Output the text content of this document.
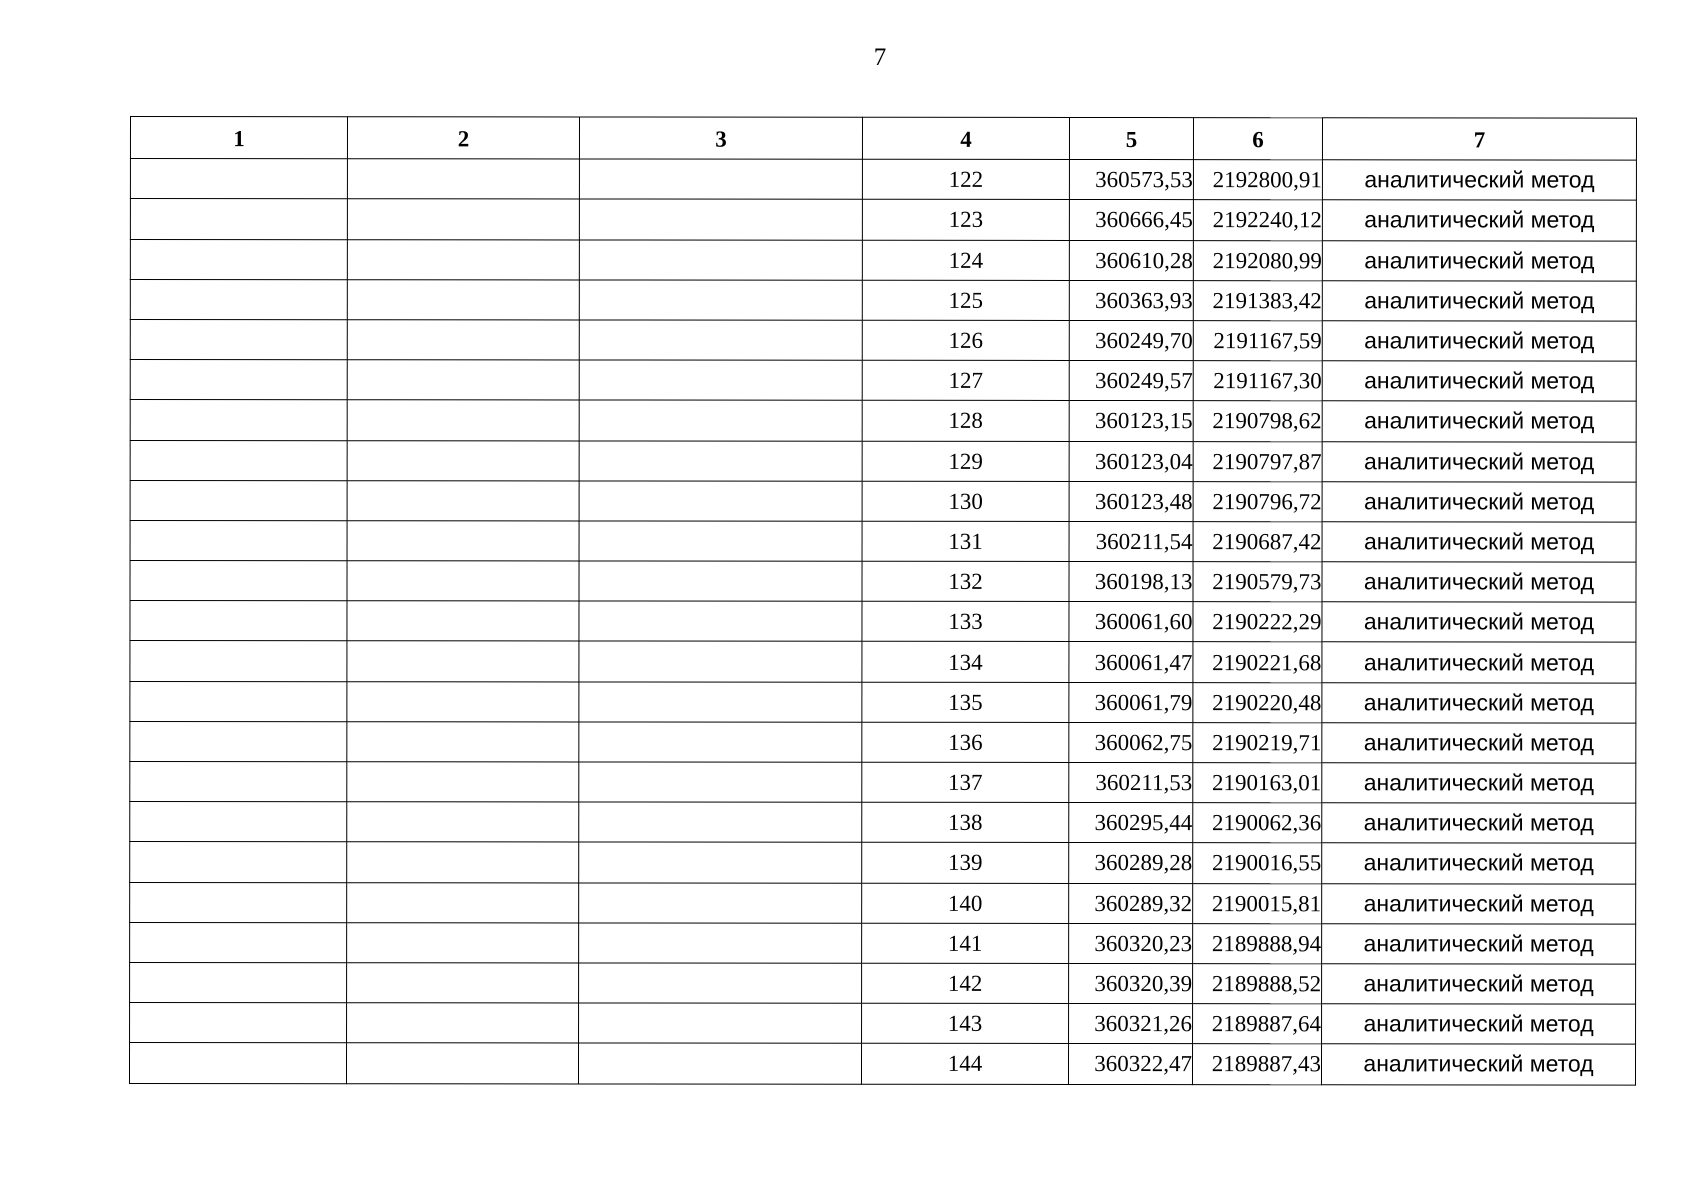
7
1	2	3	4	5	6	7
			122	360573,53	2192800,91	аналитический метод
			123	360666,45	2192240,12	аналитический метод
			124	360610,28	2192080,99	аналитический метод
			125	360363,93	2191383,42	аналитический метод
			126	360249,70	2191167,59	аналитический метод
			127	360249,57	2191167,30	аналитический метод
			128	360123,15	2190798,62	аналитический метод
			129	360123,04	2190797,87	аналитический метод
			130	360123,48	2190796,72	аналитический метод
			131	360211,54	2190687,42	аналитический метод
			132	360198,13	2190579,73	аналитический метод
			133	360061,60	2190222,29	аналитический метод
			134	360061,47	2190221,68	аналитический метод
			135	360061,79	2190220,48	аналитический метод
			136	360062,75	2190219,71	аналитический метод
			137	360211,53	2190163,01	аналитический метод
			138	360295,44	2190062,36	аналитический метод
			139	360289,28	2190016,55	аналитический метод
			140	360289,32	2190015,81	аналитический метод
			141	360320,23	2189888,94	аналитический метод
			142	360320,39	2189888,52	аналитический метод
			143	360321,26	2189887,64	аналитический метод
			144	360322,47	2189887,43	аналитический метод
